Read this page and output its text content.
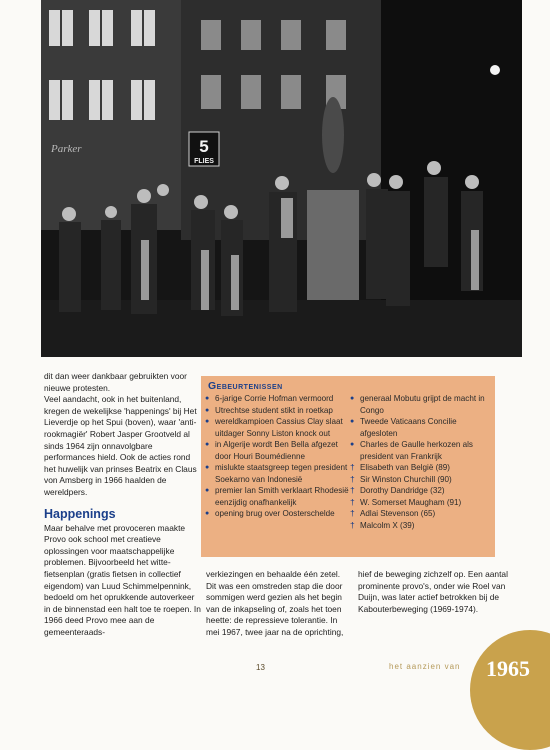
5
FLIES
Parker

dit dan weer dankbaar gebruikten voor nieuwe protesten.

Veel aandacht, ook in het buitenland, kregen de wekelijkse 'happenings' bij Het Lieverdje op het Spui (boven), waar 'anti-rookmagiër' Robert Jasper Grootveld al sinds 1964 zijn onnavolgbare performances hield. Ook de acties rond het huwelijk van prinses Beatrix en Claus von Amsberg in 1966 haalden de wereldpers.

Happenings

Maar behalve met provoceren maakte Provo ook school met creatieve oplossingen voor maatschappelijke problemen. Bijvoorbeeld het witte-fietsenplan (gratis fietsen in collectief eigendom) van Luud Schimmelpennink, bedoeld om het oprukkende autoverkeer in de binnenstad een halt toe te roepen. In 1966 deed Provo mee aan de gemeenteraads-

Gebeurtenissen
● 6-jarige Corrie Hofman vermoord
● Utrechtse student stikt in roetkap
● wereldkampioen Cassius Clay slaat uitdager Sonny Liston knock out
● in Algerije wordt Ben Bella afgezet door Houri Boumédienne
● mislukte staatsgreep tegen president Soekarno van Indonesië
● premier Ian Smith verklaart Rhodesië eenzijdig onafhankelijk
● opening brug over Oosterschelde
● generaal Mobutu grijpt de macht in Congo
● Tweede Vaticaans Concilie afgesloten
● Charles de Gaulle herkozen als president van Frankrijk
† Elisabeth van België (89)
† Sir Winston Churchill (90)
† Dorothy Dandridge (32)
† W. Somerset Maugham (91)
† Adlai Stevenson (65)
† Malcolm X (39)
verkiezingen en behaalde één zetel. Dit was een omstreden stap die door sommigen werd gezien als het begin van de inkapseling of, zoals het toen heette: de repressieve tolerantie. In mei 1967, twee jaar na de oprichting,
hief de beweging zichzelf op. Een aantal prominente provo's, onder wie Roel van Duijn, was later actief betrokken bij de Kabouterbeweging (1969-1974).
13	het aanzien van 1965
